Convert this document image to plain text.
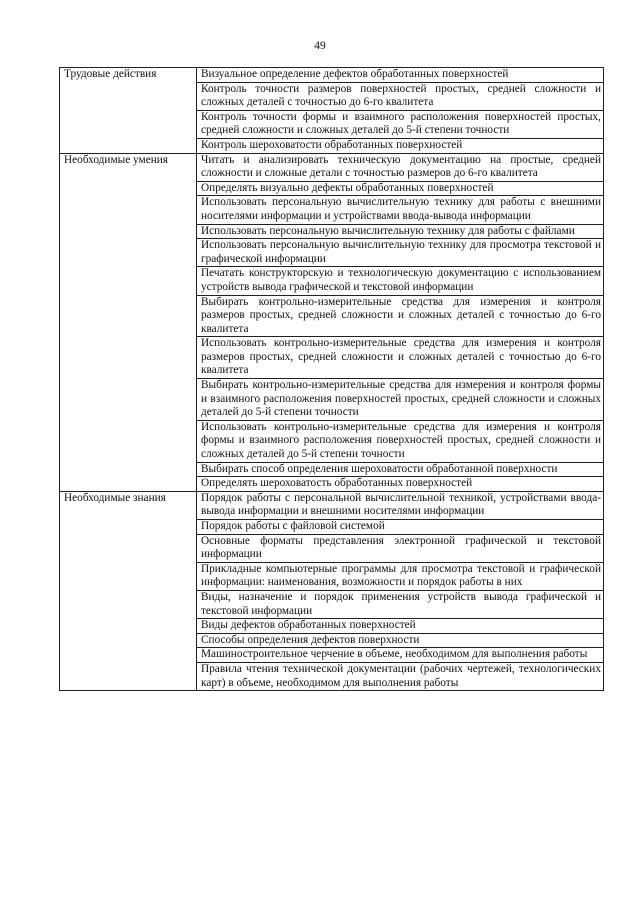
49
Трудовые действия	Визуальное определение дефектов обработанных поверхностей
	Контроль точности размеров поверхностей простых, средней сложности и сложных деталей с точностью до 6-го квалитета
	Контроль точности формы и взаимного расположения поверхностей простых, средней сложности и сложных деталей до 5-й степени точности
	Контроль шероховатости обработанных поверхностей
Необходимые умения	Читать и анализировать техническую документацию на простые, средней сложности и сложные детали с точностью размеров до 6-го квалитета
	Определять визуально дефекты обработанных поверхностей
	Использовать персональную вычислительную технику для работы с внешними носителями информации и устройствами ввода-вывода информации
	Использовать персональную вычислительную технику для работы с файлами
	Использовать персональную вычислительную технику для просмотра текстовой и графической информации
	Печатать конструкторскую и технологическую документацию с использованием устройств вывода графической и текстовой информации
	Выбирать контрольно-измерительные средства для измерения и контроля размеров простых, средней сложности и сложных деталей с точностью до 6-го квалитета
	Использовать контрольно-измерительные средства для измерения и контроля размеров простых, средней сложности и сложных деталей с точностью до 6-го квалитета
	Выбирать контрольно-измерительные средства для измерения и контроля формы и взаимного расположения поверхностей простых, средней сложности и сложных деталей до 5-й степени точности
	Использовать контрольно-измерительные средства для измерения и контроля формы и взаимного расположения поверхностей простых, средней сложности и сложных деталей до 5-й степени точности
	Выбирать способ определения шероховатости обработанной поверхности
	Определять шероховатость обработанных поверхностей
Необходимые знания	Порядок работы с персональной вычислительной техникой, устройствами ввода-вывода информации и внешними носителями информации
	Порядок работы с файловой системой
	Основные форматы представления электронной графической и текстовой информации
	Прикладные компьютерные программы для просмотра текстовой и графической информации: наименования, возможности и порядок работы в них
	Виды, назначение и порядок применения устройств вывода графической и текстовой информации
	Виды дефектов обработанных поверхностей
	Способы определения дефектов поверхности
	Машиностроительное черчение в объеме, необходимом для выполнения работы
	Правила чтения технической документации (рабочих чертежей, технологических карт) в объеме, необходимом для выполнения работы
